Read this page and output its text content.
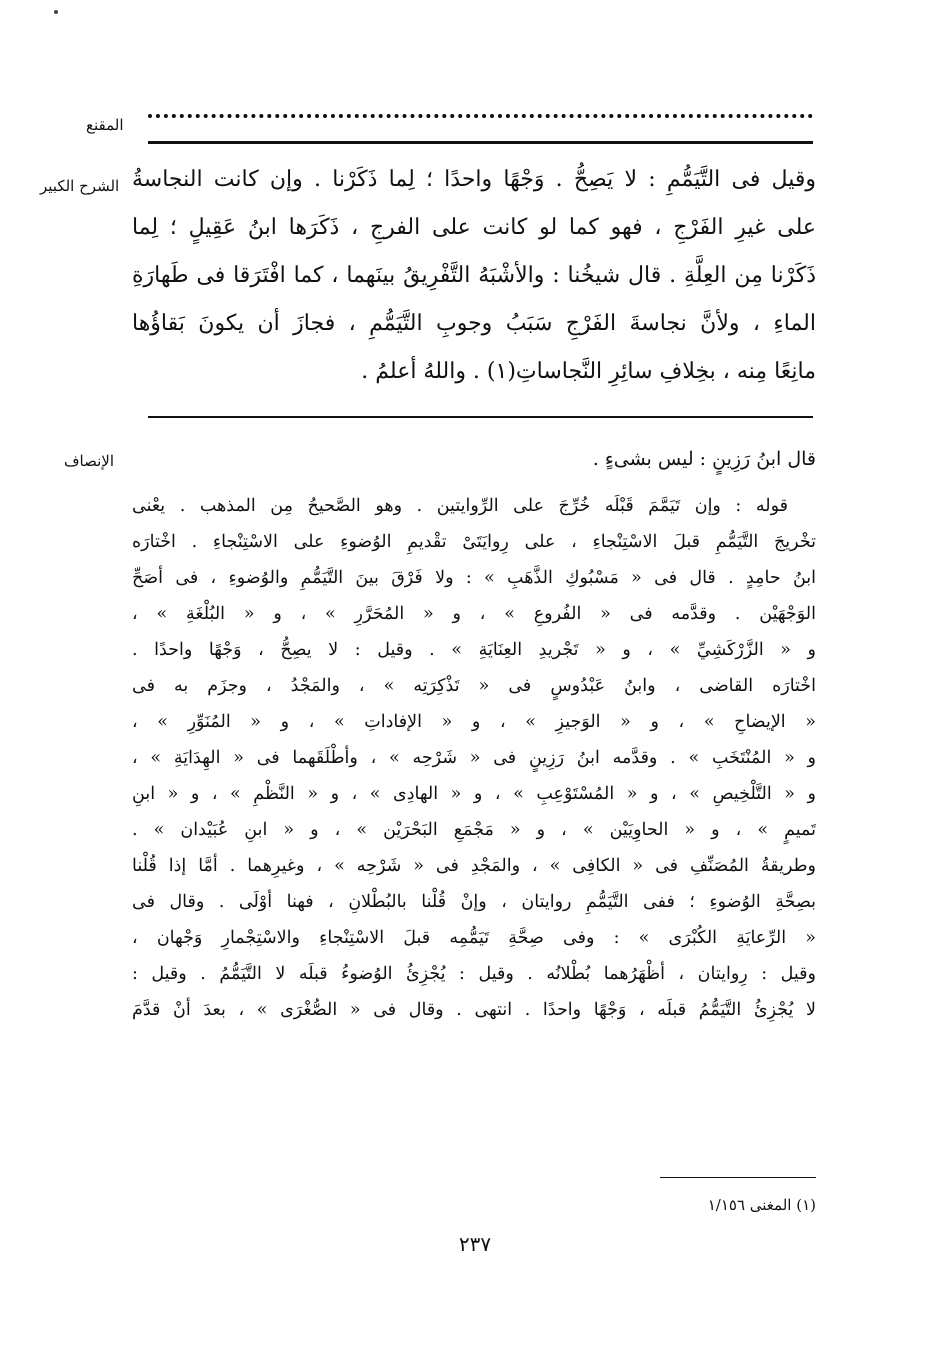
المقنع
الشرح الكبير وقيل فى التَّيَمُّمِ : لا يَصِحُّ . وَجْهًا واحدًا ؛ لِما ذَكَرْنا . وإن كانت النجاسةُ
على غيرِ الفَرْجِ ، فهو كما لو كانت على الفرجِ ، ذَكَرَها ابنُ عَقِيلٍ ؛ لِما
ذَكَرْنا مِن العِلَّةِ . قال شيخُنا : والأشْبَهُ التَّفْرِيقُ بينَهما ، كما افْتَرَقا فى طَهارَةِ
الماءِ ، ولأنَّ نجاسةَ الفَرْجِ سَبَبُ وجوبِ التَّيَمُّمِ ، فجازَ أن يكونَ بَقاؤُها
مانِعًا مِنه ، بخِلافِ سائِرِ النَّجاساتِ(١) . واللهُ أعلمُ .
الإنصاف	قال ابنُ رَزِينٍ : ليس بشىءٍ .
قوله : وإن تَيَمَّمَ قَبْلَه خُرِّجَ على الرِّوايتين . وهو الصَّحيحُ مِن المذهب . يعْنى
تخْريجَ التَّيَمُّمِ قبلَ الاسْتِنْجاءِ ، على رِوايَتَىْ تقْديمِ الوُضوءِ على الاسْتِنْجاءِ . اخْتارَه
ابنُ حامِدٍ . قال فى « مَسْبُوكِ الذَّهَبِ » : ولا فَرْقَ بينَ التَّيَمُّمِ والوُضوءِ ، فى أصَحِّ
الوَجْهَيْن . وقدَّمه فى « الفُروعِ » ، و « المُحَرَّرِ » ، و « البُلْغَةِ » ،
و « الزَّرْكَشِيِّ » ، و « تَجْريدِ العِنَايَةِ » . وقيل : لا يصِحُّ ، وَجْهًا واحدًا .
اخْتارَه القاضى ، وابنُ عَبْدُوسٍ فى « تَذْكِرَتِه » ، والمَجْدُ ، وجزَم به فى
« الإيضاحِ » ، و « الوَجيزِ » ، و « الإفاداتِ » ، و « المُنَوِّرِ » ،
و « المُنْتَخَبِ » . وقدَّمه ابنُ رَزِينٍ فى « شَرْحِه » ، وأطْلَقَهما فى « الهِدَايَةِ » ،
و « التَّلْخِيصِ » ، و « المُسْتَوْعِبِ » ، و « الهادِى » ، و « النَّظْمِ » ، و « ابنِ
تَميمٍ » ، و « الحاوِيَيْن » ، و « مَجْمَعِ البَحْرَيْن » ، و « ابنِ عُبَيْدان » .
وطريقةُ المُصَنِّفِ فى « الكافِى » ، والمَجْدِ فى « شَرْحِه » ، وغيرِهما . أمَّا إذا قُلْنا
بصِحَّةِ الوُضوءِ ؛ ففى التَّيَمُّمِ روايتان ، وإنْ قُلْنا بالبُطْلانِ ، فهنا أوْلَى . وقال فى
« الرِّعايَةِ الكُبْرَى » : وفى صِحَّةِ تَيَمُّمِه قبلَ الاسْتِنْجاءِ والاسْتِجْمارِ وَجْهان ،
وقيل : رِوايتان ، أظْهَرُهما بُطْلانُه . وقيل : يُجْزِئُ الوُضوءُ قبلَه لا التَّيَمُّمُ . وقيل :
لا يُجْزِئُ التَّيَمُّمُ قبلَه ، وَجْهًا واحدًا . انتهى . وقال فى « الصُّغْرَى » ، بعدَ أنْ قدَّمَ
(١) المغنى ١/١٥٦
٢٣٧
